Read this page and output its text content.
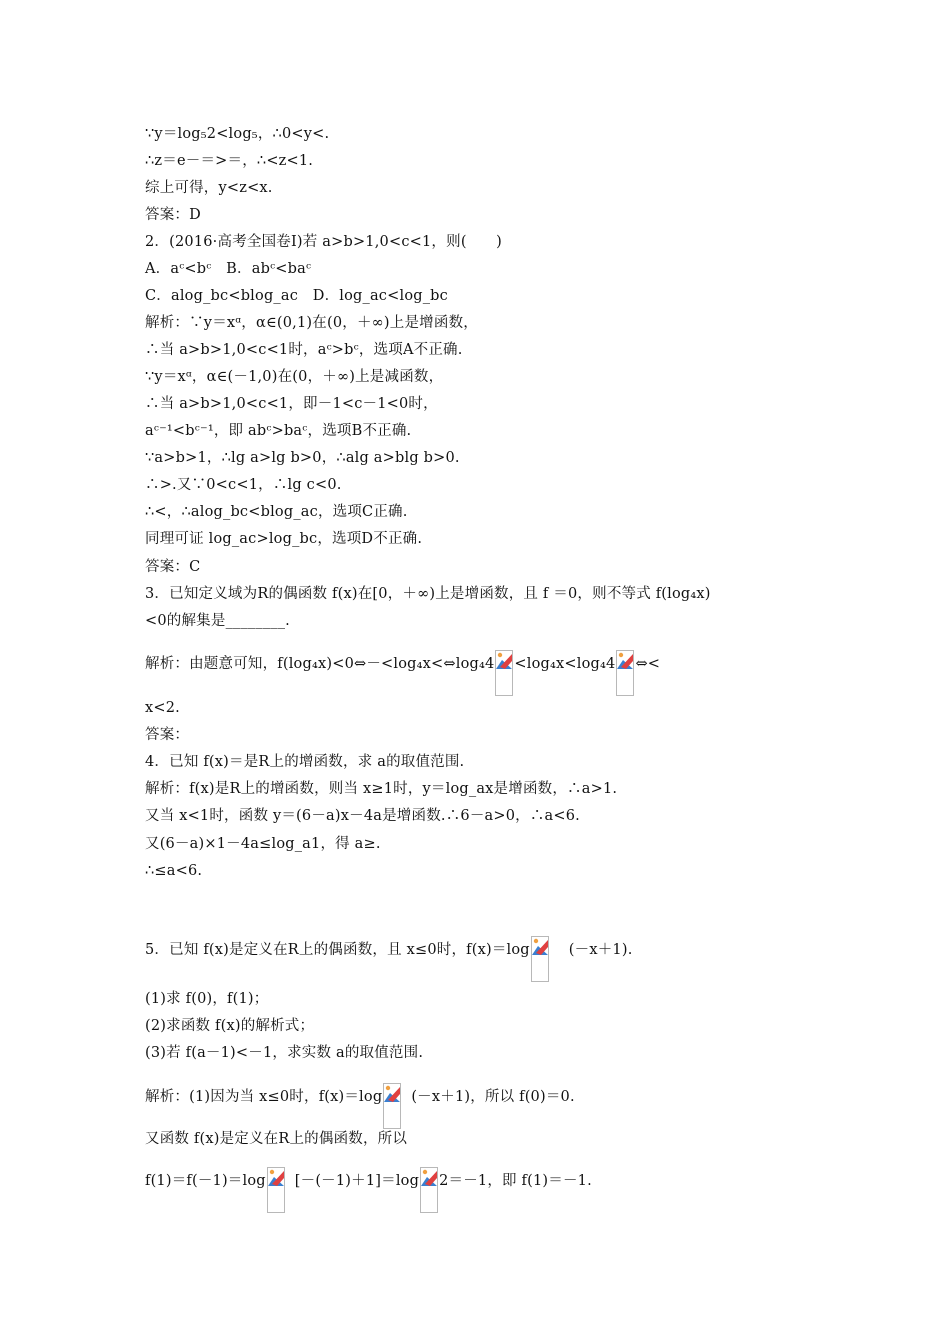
∵y＝log₅2<log₅，∴0<y<.
∴z＝e－＝>＝，∴<z<1.
综上可得，y<z<x.
答案：D
2．(2016·高考全国卷Ⅰ)若 a>b>1,0<c<1，则(　　)
A．aᶜ<bᶜ　B．abᶜ<baᶜ
C．alog_bc<blog_ac　D．log_ac<log_bc
解析：∵y＝xᵅ，α∈(0,1)在(0，＋∞)上是增函数，
∴当 a>b>1,0<c<1时，aᶜ>bᶜ，选项A不正确.
∵y＝xᵅ，α∈(－1,0)在(0，＋∞)上是减函数，
∴当 a>b>1,0<c<1，即－1<c－1<0时，
aᶜ⁻¹<bᶜ⁻¹，即 abᶜ>baᶜ，选项B不正确.
∵a>b>1，∴lg a>lg b>0，∴alg a>blg b>0.
∴>.又∵0<c<1，∴lg c<0.
∴<，∴alog_bc<blog_ac，选项C正确.
同理可证 log_ac>log_bc，选项D不正确.
答案：C
3．已知定义域为R的偶函数 f(x)在[0，＋∞)上是增函数，且 f ＝0，则不等式 f(log₄x)
<0的解集是________.
解析：由题意可知，f(log₄x)<0⇔－<log₄x<⇔log₄4 <log₄x<log₄4 ⇔<
x<2.
答案：
4．已知 f(x)＝是R上的增函数，求 a的取值范围.
解析：f(x)是R上的增函数，则当 x≥1时，y＝log_ax是增函数，∴a>1.
又当 x<1时，函数 y＝(6－a)x－4a是增函数.∴6－a>0，∴a<6.
又(6－a)×1－4a≤log_a1，得 a≥.
∴≤a<6.
5．已知 f(x)是定义在R上的偶函数，且 x≤0时，f(x)＝log	(－x＋1).
(1)求 f(0)，f(1)；
(2)求函数 f(x)的解析式；
(3)若 f(a－1)<－1，求实数 a的取值范围.
解析：(1)因为当 x≤0时，f(x)＝log (－x＋1)，所以 f(0)＝0.
又函数 f(x)是定义在R上的偶函数，所以
f(1)＝f(－1)＝log [－(－1)＋1]＝log 2＝－1，即 f(1)＝－1.
